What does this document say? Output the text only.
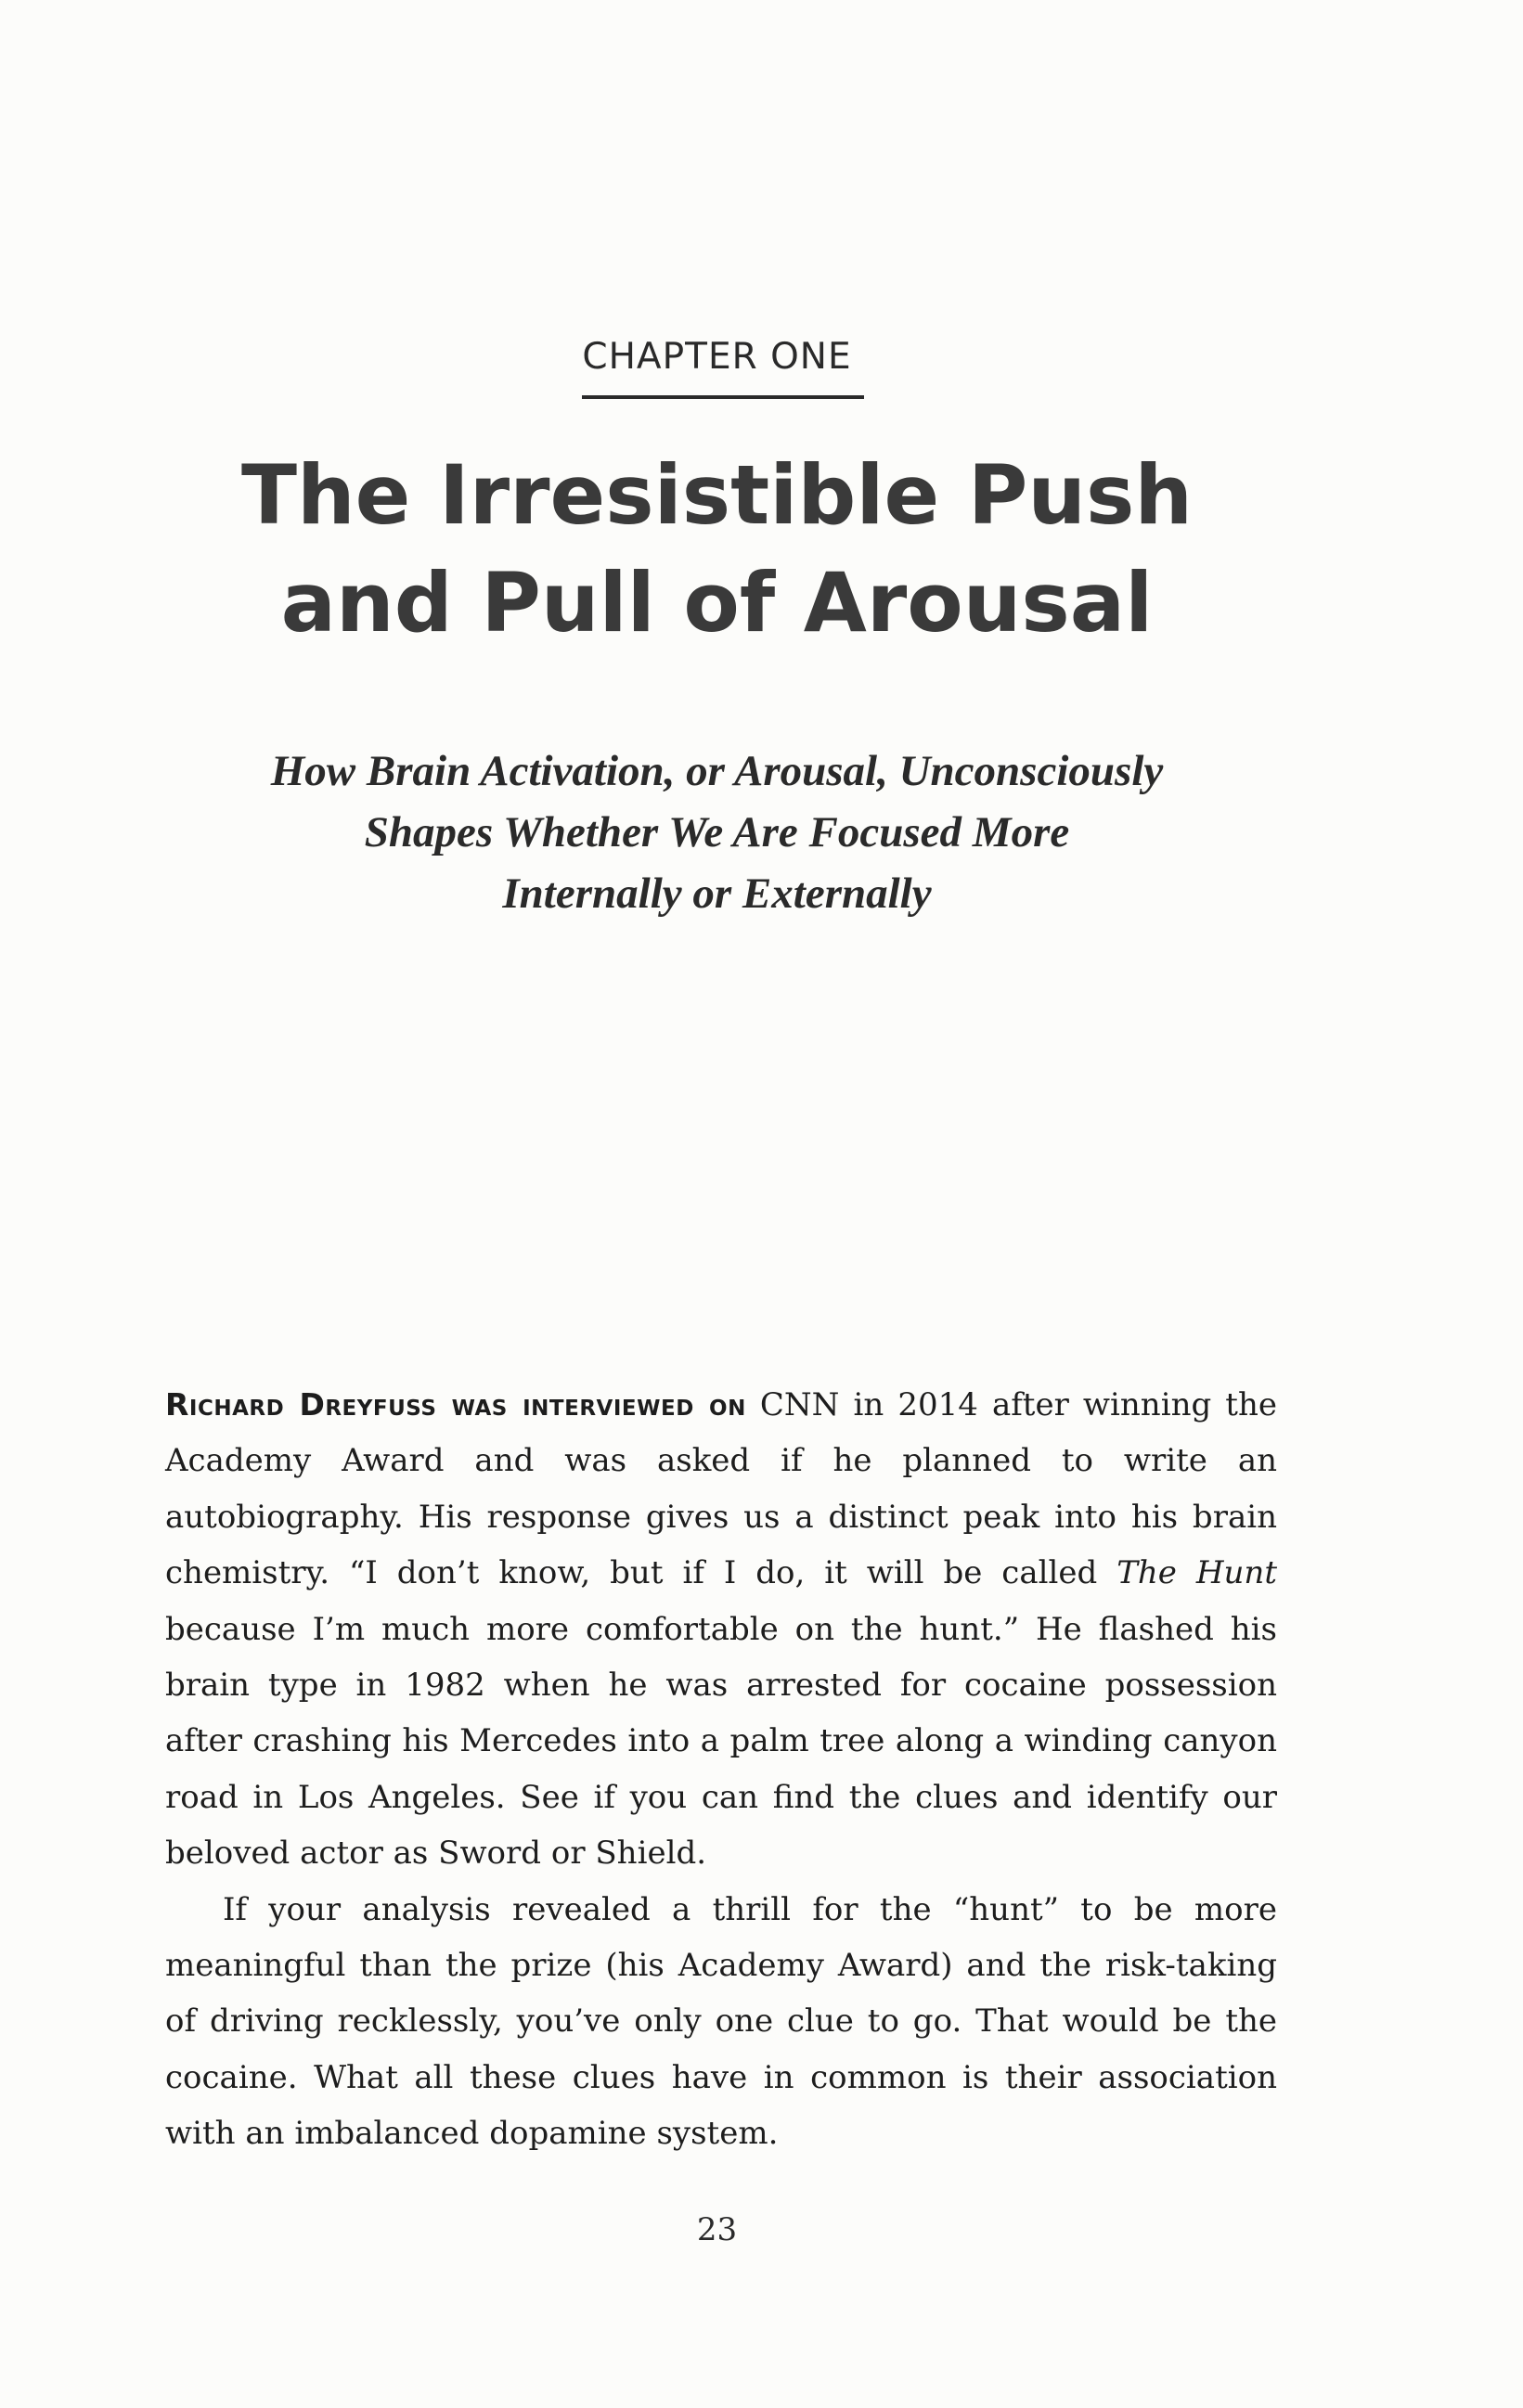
CHAPTER ONE
The Irresistible Push
and Pull of Arousal
How Brain Activation, or Arousal, Unconsciously
Shapes Whether We Are Focused More
Internally or Externally

Richard Dreyfuss was interviewed on CNN in 2014 after winning the Academy Award and was asked if he planned to write an autobiography. His response gives us a distinct peak into his brain chemistry. “I don’t know, but if I do, it will be called The Hunt because I’m much more comfortable on the hunt.” He flashed his brain type in 1982 when he was arrested for cocaine possession after crashing his Mercedes into a palm tree along a winding canyon road in Los Angeles. See if you can find the clues and identify our beloved actor as Sword or Shield.

If your analysis revealed a thrill for the “hunt” to be more meaningful than the prize (his Academy Award) and the risk-taking of driving recklessly, you’ve only one clue to go. That would be the cocaine. What all these clues have in common is their association with an imbalanced dopamine system.

23
